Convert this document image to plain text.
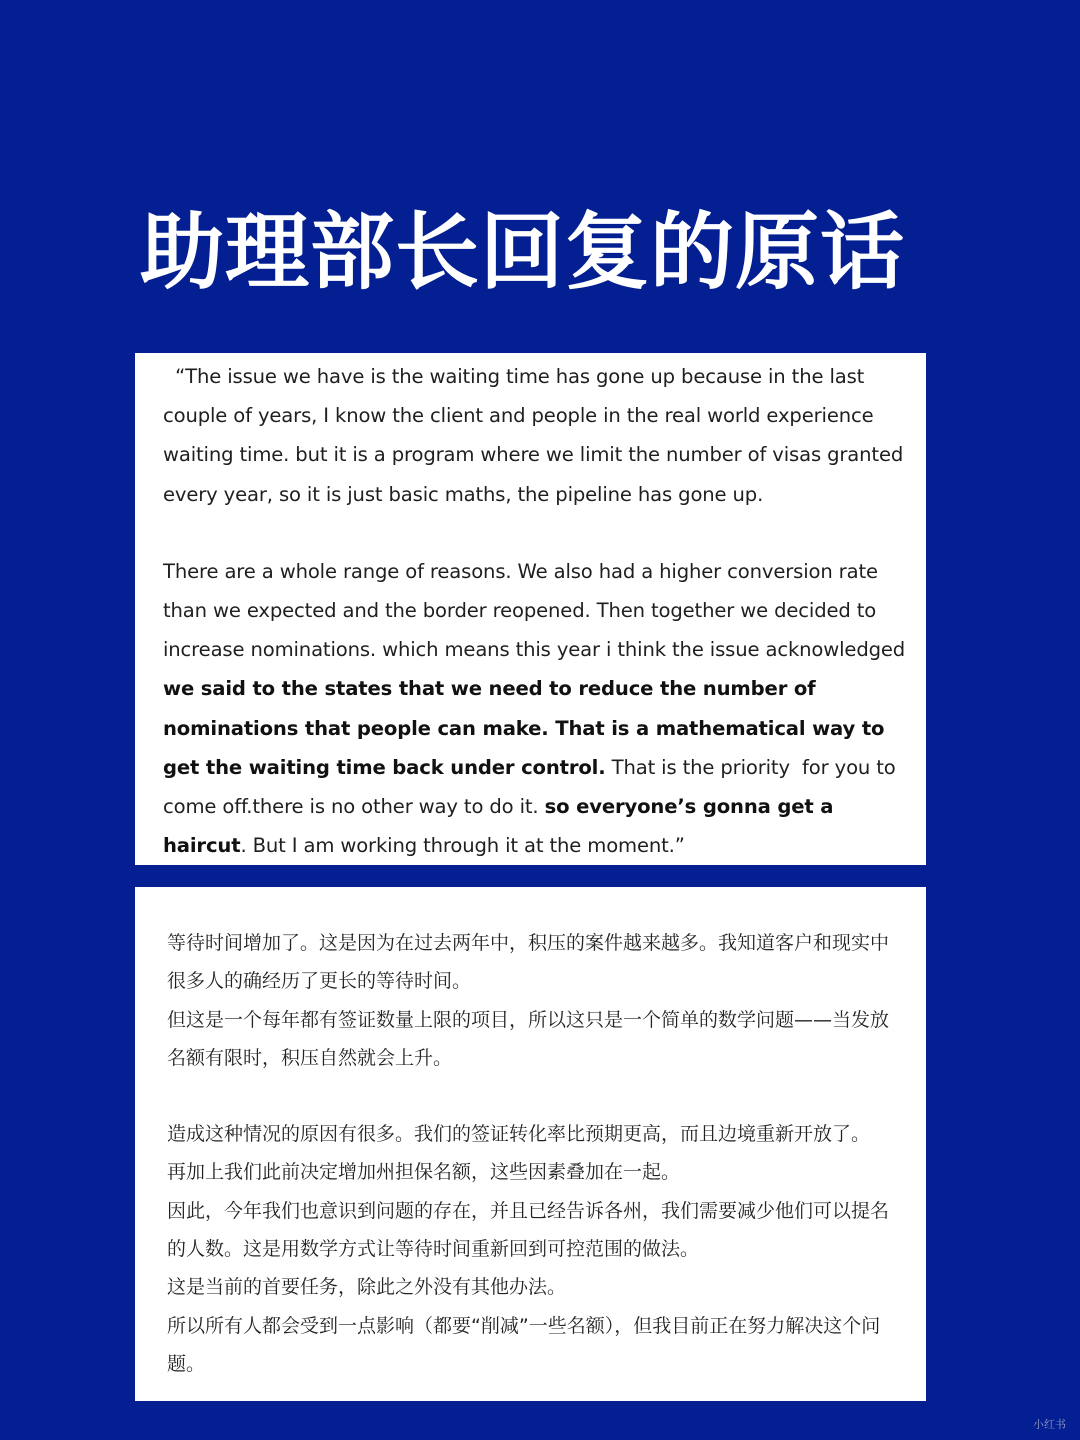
助理部长回复的原话

“The issue we have is the waiting time has gone up because in the last couple of years, I know the client and people in the real world experience waiting time. but it is a program where we limit the number of visas granted every year, so it is just basic maths, the pipeline has gone up.

There are a whole range of reasons. We also had a higher conversion rate than we expected and the border reopened. Then together we decided to increase nominations. which means this year i think the issue acknowledged we said to the states that we need to reduce the number of nominations that people can make. That is a mathematical way to get the waiting time back under control. That is the priority  for you to come off.there is no other way to do it. so everyone’s gonna get a haircut. But I am working through it at the moment.”

等待时间增加了。这是因为在过去两年中，积压的案件越来越多。我知道客户和现实中很多人的确经历了更长的等待时间。

但这是一个每年都有签证数量上限的项目，所以这只是一个简单的数学问题——当发放名额有限时，积压自然就会上升。

造成这种情况的原因有很多。我们的签证转化率比预期更高，而且边境重新开放了。

再加上我们此前决定增加州担保名额，这些因素叠加在一起。

因此，今年我们也意识到问题的存在，并且已经告诉各州，我们需要减少他们可以提名的人数。这是用数学方式让等待时间重新回到可控范围的做法。

这是当前的首要任务，除此之外没有其他办法。

所以所有人都会受到一点影响（都要“削减”一些名额），但我目前正在努力解决这个问题。

小红书
